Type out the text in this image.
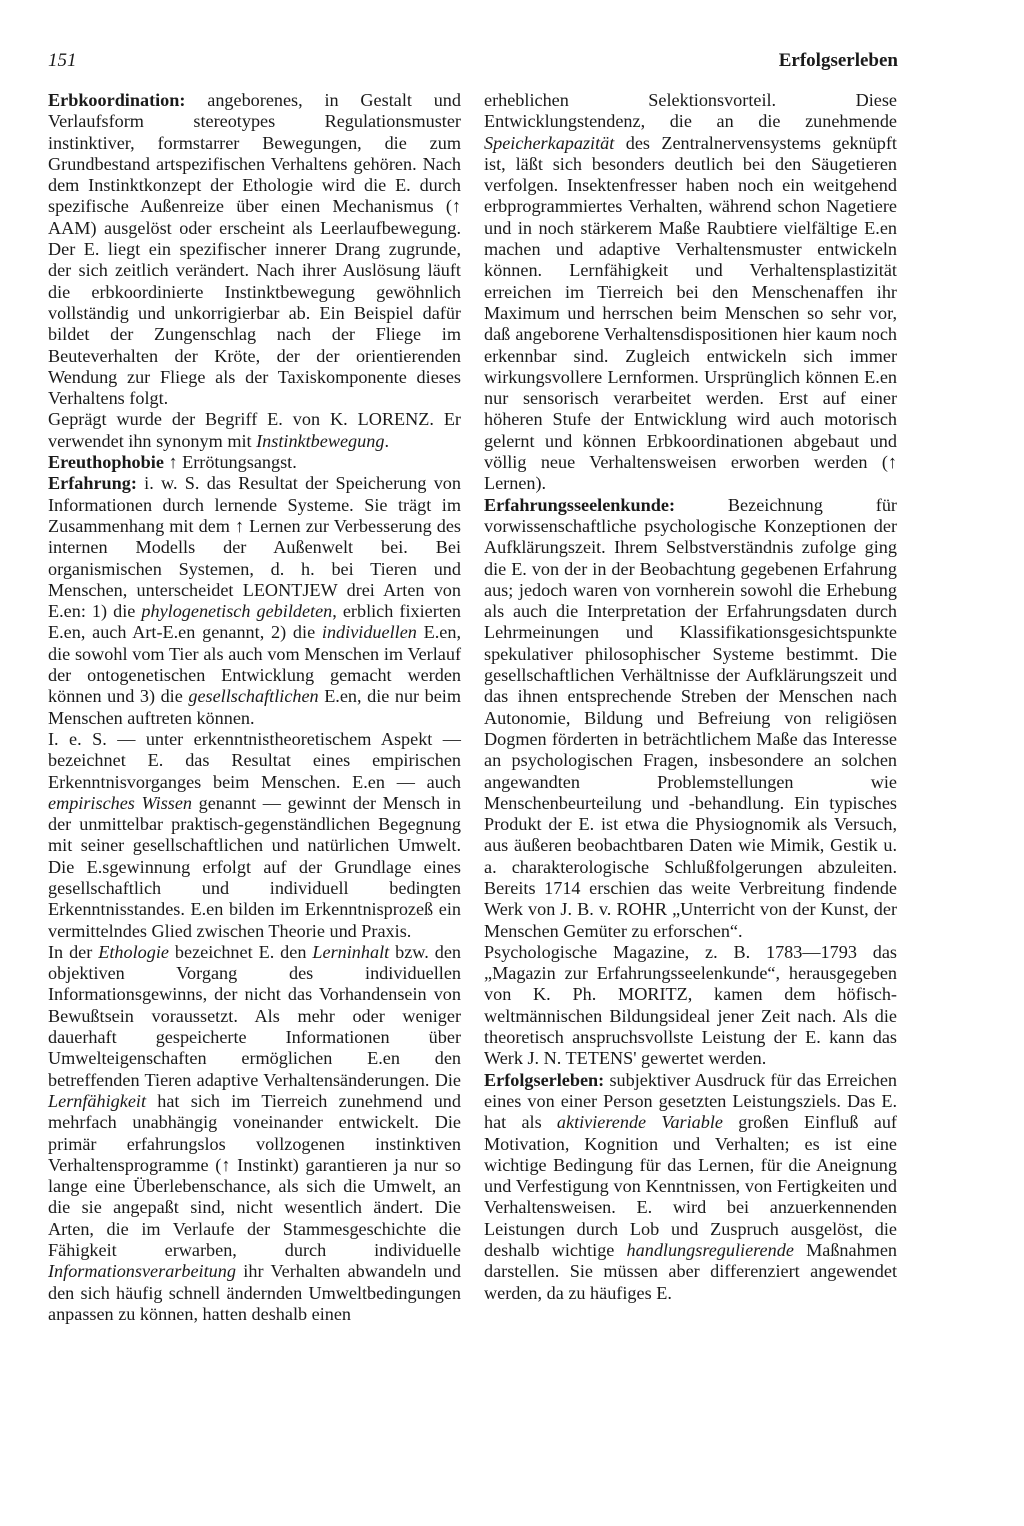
151	Erfolgserleben

Erbkoordination: angeborenes, in Gestalt und Verlaufsform stereotypes Regulationsmuster instinktiver, formstarrer Bewegungen, die zum Grundbestand artspezifischen Verhaltens gehören. Nach dem Instinktkonzept der Ethologie wird die E. durch spezifische Außenreize über einen Mechanismus (↑ AAM) ausgelöst oder erscheint als Leerlaufbewegung. Der E. liegt ein spezifischer innerer Drang zugrunde, der sich zeitlich verändert. Nach ihrer Auslösung läuft die erbkoordinierte Instinktbewegung gewöhnlich vollständig und unkorrigierbar ab. Ein Beispiel dafür bildet der Zungenschlag nach der Fliege im Beuteverhalten der Kröte, der der orientierenden Wendung zur Fliege als der Taxiskomponente dieses Verhaltens folgt.

Geprägt wurde der Begriff E. von K. LORENZ. Er verwendet ihn synonym mit Instinktbewegung.

Ereuthophobie ↑ Errötungsangst.

Erfahrung: i. w. S. das Resultat der Speicherung von Informationen durch lernende Systeme. Sie trägt im Zusammenhang mit dem ↑ Lernen zur Verbesserung des internen Modells der Außenwelt bei. Bei organismischen Systemen, d. h. bei Tieren und Menschen, unterscheidet LEONTJEW drei Arten von E.en: 1) die phylogenetisch gebildeten, erblich fixierten E.en, auch Art-E.en genannt, 2) die individuellen E.en, die sowohl vom Tier als auch vom Menschen im Verlauf der ontogenetischen Entwicklung gemacht werden können und 3) die gesellschaftlichen E.en, die nur beim Menschen auftreten können.

I. e. S. — unter erkenntnistheoretischem Aspekt — bezeichnet E. das Resultat eines empirischen Erkenntnisvorganges beim Menschen. E.en — auch empirisches Wissen genannt — gewinnt der Mensch in der unmittelbar praktisch-gegenständlichen Begegnung mit seiner gesellschaftlichen und natürlichen Umwelt. Die E.sgewinnung erfolgt auf der Grundlage eines gesellschaftlich und individuell bedingten Erkenntnisstandes. E.en bilden im Erkenntnisprozeß ein vermittelndes Glied zwischen Theorie und Praxis.

In der Ethologie bezeichnet E. den Lerninhalt bzw. den objektiven Vorgang des individuellen Informationsgewinns, der nicht das Vorhandensein von Bewußtsein voraussetzt. Als mehr oder weniger dauerhaft gespeicherte Informationen über Umwelteigenschaften ermöglichen E.en den betreffenden Tieren adaptive Verhaltensänderungen. Die Lernfähigkeit hat sich im Tierreich zunehmend und mehrfach unabhängig voneinander entwickelt. Die primär erfahrungslos vollzogenen instinktiven Verhaltensprogramme (↑ Instinkt) garantieren ja nur so lange eine Überlebenschance, als sich die Umwelt, an die sie angepaßt sind, nicht wesentlich ändert. Die Arten, die im Verlaufe der Stammesgeschichte die Fähigkeit erwarben, durch individuelle Informationsverarbeitung ihr Verhalten abwandeln und den sich häufig schnell ändernden Umweltbedingungen anpassen zu können, hatten deshalb einen

erheblichen Selektionsvorteil. Diese Entwicklungstendenz, die an die zunehmende Speicherkapazität des Zentralnervensystems geknüpft ist, läßt sich besonders deutlich bei den Säugetieren verfolgen. Insektenfresser haben noch ein weitgehend erbprogrammiertes Verhalten, während schon Nagetiere und in noch stärkerem Maße Raubtiere vielfältige E.en machen und adaptive Verhaltensmuster entwickeln können. Lernfähigkeit und Verhaltensplastizität erreichen im Tierreich bei den Menschenaffen ihr Maximum und herrschen beim Menschen so sehr vor, daß angeborene Verhaltensdispositionen hier kaum noch erkennbar sind. Zugleich entwickeln sich immer wirkungsvollere Lernformen. Ursprünglich können E.en nur sensorisch verarbeitet werden. Erst auf einer höheren Stufe der Entwicklung wird auch motorisch gelernt und können Erbkoordinationen abgebaut und völlig neue Verhaltensweisen erworben werden (↑ Lernen).

Erfahrungsseelenkunde: Bezeichnung für vorwissenschaftliche psychologische Konzeptionen der Aufklärungszeit. Ihrem Selbstverständnis zufolge ging die E. von der in der Beobachtung gegebenen Erfahrung aus; jedoch waren von vornherein sowohl die Erhebung als auch die Interpretation der Erfahrungsdaten durch Lehrmeinungen und Klassifikationsgesichtspunkte spekulativer philosophischer Systeme bestimmt. Die gesellschaftlichen Verhältnisse der Aufklärungszeit und das ihnen entsprechende Streben der Menschen nach Autonomie, Bildung und Befreiung von religiösen Dogmen förderten in beträchtlichem Maße das Interesse an psychologischen Fragen, insbesondere an solchen angewandten Problemstellungen wie Menschenbeurteilung und -behandlung. Ein typisches Produkt der E. ist etwa die Physiognomik als Versuch, aus äußeren beobachtbaren Daten wie Mimik, Gestik u. a. charakterologische Schlußfolgerungen abzuleiten. Bereits 1714 erschien das weite Verbreitung findende Werk von J. B. v. ROHR „Unterricht von der Kunst, der Menschen Gemüter zu erforschen“.

Psychologische Magazine, z. B. 1783—1793 das „Magazin zur Erfahrungsseelenkunde“, herausgegeben von K. Ph. MORITZ, kamen dem höfisch-weltmännischen Bildungsideal jener Zeit nach. Als die theoretisch anspruchsvollste Leistung der E. kann das Werk J. N. TETENS' gewertet werden.

Erfolgserleben: subjektiver Ausdruck für das Erreichen eines von einer Person gesetzten Leistungsziels. Das E. hat als aktivierende Variable großen Einfluß auf Motivation, Kognition und Verhalten; es ist eine wichtige Bedingung für das Lernen, für die Aneignung und Verfestigung von Kenntnissen, von Fertigkeiten und Verhaltensweisen. E. wird bei anzuerkennenden Leistungen durch Lob und Zuspruch ausgelöst, die deshalb wichtige handlungsregulierende Maßnahmen darstellen. Sie müssen aber differenziert angewendet werden, da zu häufiges E.
